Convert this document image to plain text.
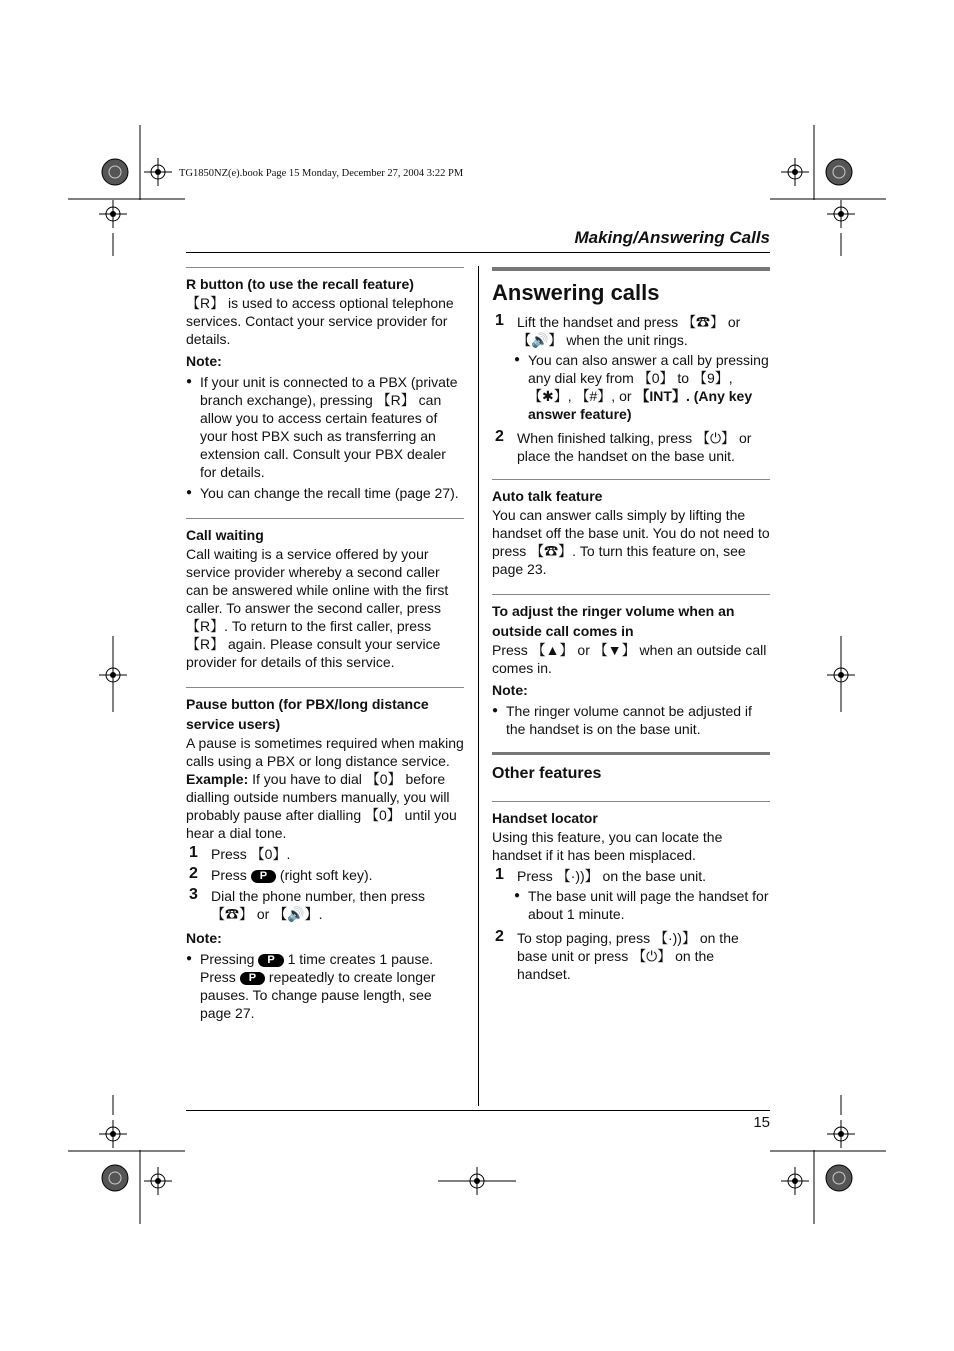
TG1850NZ(e).book Page 15 Monday, December 27, 2004 3:22 PM
Making/Answering Calls
15
R button (to use the recall feature)

【R】 is used to access optional telephone services. Contact your service provider for details.

Note:

● If your unit is connected to a PBX (private branch exchange), pressing 【R】 can allow you to access certain features of your host PBX such as transferring an extension call. Consult your PBX dealer for details.

● You can change the recall time (page 27).

Call waiting

Call waiting is a service offered by your service provider whereby a second caller can be answered while online with the first caller. To answer the second caller, press 【R】. To return to the first caller, press 【R】 again. Please consult your service provider for details of this service.

Pause button (for PBX/long distance service users)

A pause is sometimes required when making calls using a PBX or long distance service.

Example: If you have to dial 【0】 before dialling outside numbers manually, you will probably pause after dialling 【0】 until you hear a dial tone.

1 Press 【0】.
2 Press P (right soft key).
3 Dial the phone number, then press 【☎】 or 【🔊】.

Note:

● Pressing P 1 time creates 1 pause. Press P repeatedly to create longer pauses. To change pause length, see page 27.

Answering calls
1 Lift the handset and press 【☎】 or 【🔊】 when the unit rings.

● You can also answer a call by pressing any dial key from 【0】 to 【9】, 【✱】, 【#】, or 【INT】. (Any key answer feature)

2 When finished talking, press 【⏻】 or place the handset on the base unit.
Auto talk feature

You can answer calls simply by lifting the handset off the base unit. You do not need to press 【☎】. To turn this feature on, see page 23.

To adjust the ringer volume when an outside call comes in

Press 【▲】 or 【▼】 when an outside call comes in.

Note:

● The ringer volume cannot be adjusted if the handset is on the base unit.

Other features
Handset locator

Using this feature, you can locate the handset if it has been misplaced.

1 Press 【·))】 on the base unit.

● The base unit will page the handset for about 1 minute.

2 To stop paging, press 【·))】 on the base unit or press 【⏻】 on the handset.
